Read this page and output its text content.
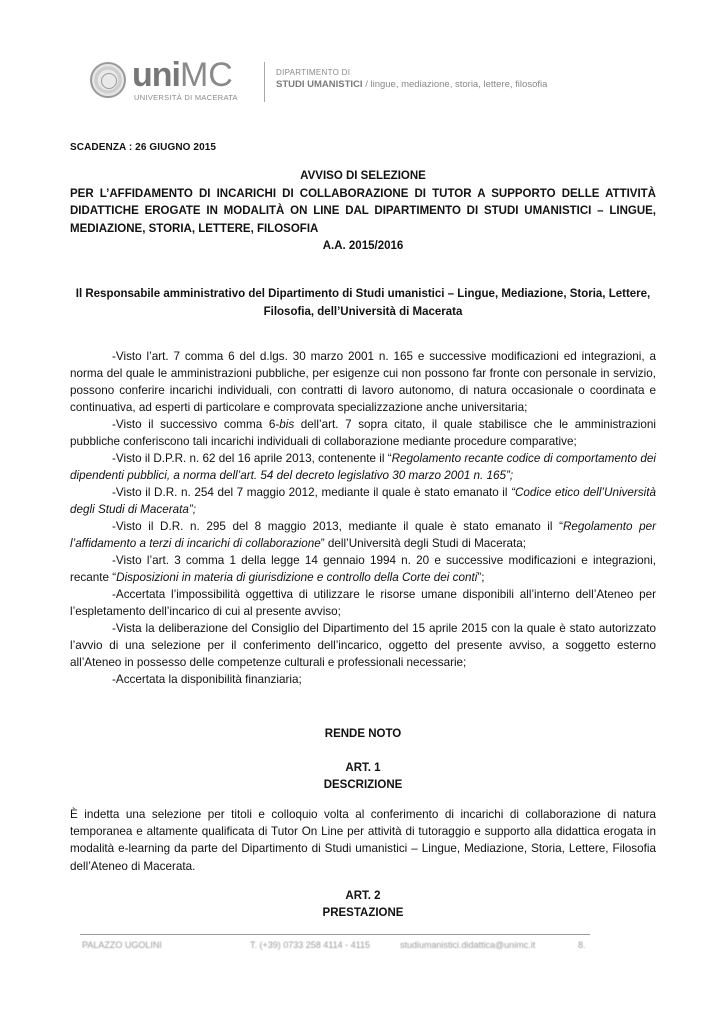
uniMC
UNIVERSITÀ DI MACERATA
DIPARTIMENTO DI
STUDI UMANISTICI / lingue, mediazione, storia, lettere, filosofia
SCADENZA : 26 GIUGNO 2015

AVVISO DI SELEZIONE

PER L’AFFIDAMENTO DI INCARICHI DI COLLABORAZIONE DI TUTOR A SUPPORTO DELLE ATTIVITÀ DIDATTICHE EROGATE IN MODALITÀ ON LINE DAL DIPARTIMENTO DI STUDI UMANISTICI – LINGUE, MEDIAZIONE, STORIA, LETTERE, FILOSOFIA

A.A. 2015/2016

Il Responsabile amministrativo del Dipartimento di Studi umanistici – Lingue, Mediazione, Storia, Lettere, Filosofia, dell’Università di Macerata

-Visto l’art. 7 comma 6 del d.lgs. 30 marzo 2001 n. 165 e successive modificazioni ed integrazioni, a norma del quale le amministrazioni pubbliche, per esigenze cui non possono far fronte con personale in servizio, possono conferire incarichi individuali, con contratti di lavoro autonomo, di natura occasionale o coordinata e continuativa, ad esperti di particolare e comprovata specializzazione anche universitaria;

-Visto il successivo comma 6-bis dell’art. 7 sopra citato, il quale stabilisce che le amministrazioni pubbliche conferiscono tali incarichi individuali di collaborazione mediante procedure comparative;

-Visto il D.P.R. n. 62 del 16 aprile 2013, contenente il “Regolamento recante codice di comportamento dei dipendenti pubblici, a norma dell’art. 54 del decreto legislativo 30 marzo 2001 n. 165”;

-Visto il D.R. n. 254 del 7 maggio 2012, mediante il quale è stato emanato il “Codice etico dell’Università degli Studi di Macerata”;

-Visto il D.R. n. 295 del 8 maggio 2013, mediante il quale è stato emanato il “Regolamento per l’affidamento a terzi di incarichi di collaborazione” dell’Università degli Studi di Macerata;

-Visto l’art. 3 comma 1 della legge 14 gennaio 1994 n. 20 e successive modificazioni e integrazioni, recante “Disposizioni in materia di giurisdizione e controllo della Corte dei conti”;

-Accertata l’impossibilità oggettiva di utilizzare le risorse umane disponibili all’interno dell’Ateneo per l’espletamento dell’incarico di cui al presente avviso;

-Vista la deliberazione del Consiglio del Dipartimento del 15 aprile 2015 con la quale è stato autorizzato l’avvio di una selezione per il conferimento dell’incarico, oggetto del presente avviso, a soggetto esterno all’Ateneo in possesso delle competenze culturali e professionali necessarie;

-Accertata la disponibilità finanziaria;

RENDE NOTO
ART. 1
DESCRIZIONE
È indetta una selezione per titoli e colloquio volta al conferimento di incarichi di collaborazione di natura temporanea e altamente qualificata di Tutor On Line per attività di tutoraggio e supporto alla didattica erogata in modalità e-learning da parte del Dipartimento di Studi umanistici – Lingue, Mediazione, Storia, Lettere, Filosofia dell’Ateneo di Macerata.
ART. 2
PRESTAZIONE
PALAZZO UGOLINI	T. (+39) 0733 258 4114 - 4115	studiumanistici.didattica@unimc.it	8.
